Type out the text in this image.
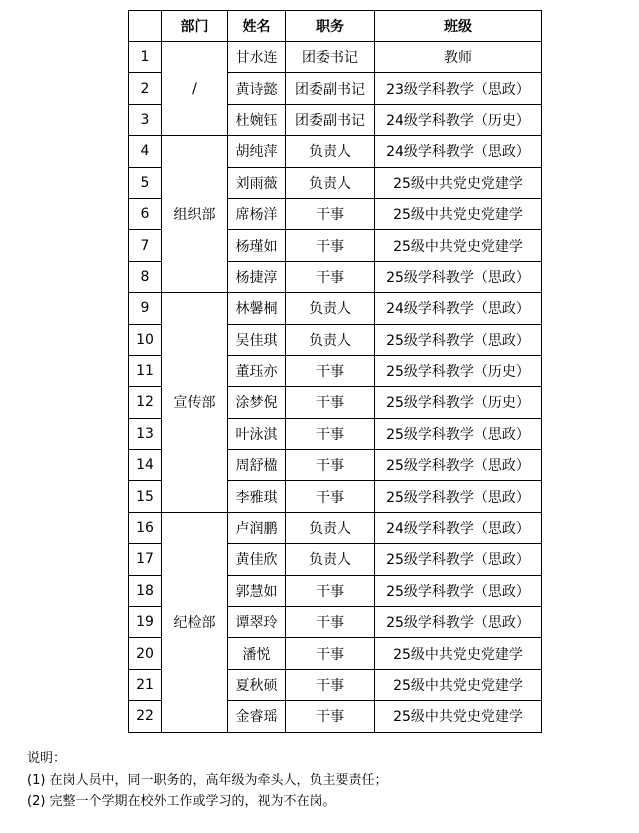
	部门	姓名	职务	班级
1	/	甘水连	团委书记	教师
2		黄诗懿	团委副书记	23级学科教学（思政）
3		杜婉钰	团委副书记	24级学科教学（历史）
4	组织部	胡纯萍	负责人	24级学科教学（思政）
5		刘雨薇	负责人	25级中共党史党建学
6		席杨洋	干事	25级中共党史党建学
7		杨瑾如	干事	25级中共党史党建学
8		杨捷淳	干事	25级学科教学（思政）
9	宣传部	林馨桐	负责人	24级学科教学（思政）
10		吴佳琪	负责人	25级学科教学（思政）
11		董珏亦	干事	25级学科教学（历史）
12		涂梦倪	干事	25级学科教学（历史）
13		叶泳淇	干事	25级学科教学（思政）
14		周舒楹	干事	25级学科教学（思政）
15		李雅琪	干事	25级学科教学（思政）
16	纪检部	卢润鹏	负责人	24级学科教学（思政）
17		黄佳欣	负责人	25级学科教学（思政）
18		郭慧如	干事	25级学科教学（思政）
19		谭翠玲	干事	25级学科教学（思政）
20		潘悦	干事	25级中共党史党建学
21		夏秋硕	干事	25级中共党史党建学
22		金睿瑶	干事	25级中共党史党建学
说明：
(1) 在岗人员中，同一职务的，高年级为牵头人，负主要责任；
(2) 完整一个学期在校外工作或学习的，视为不在岗。
